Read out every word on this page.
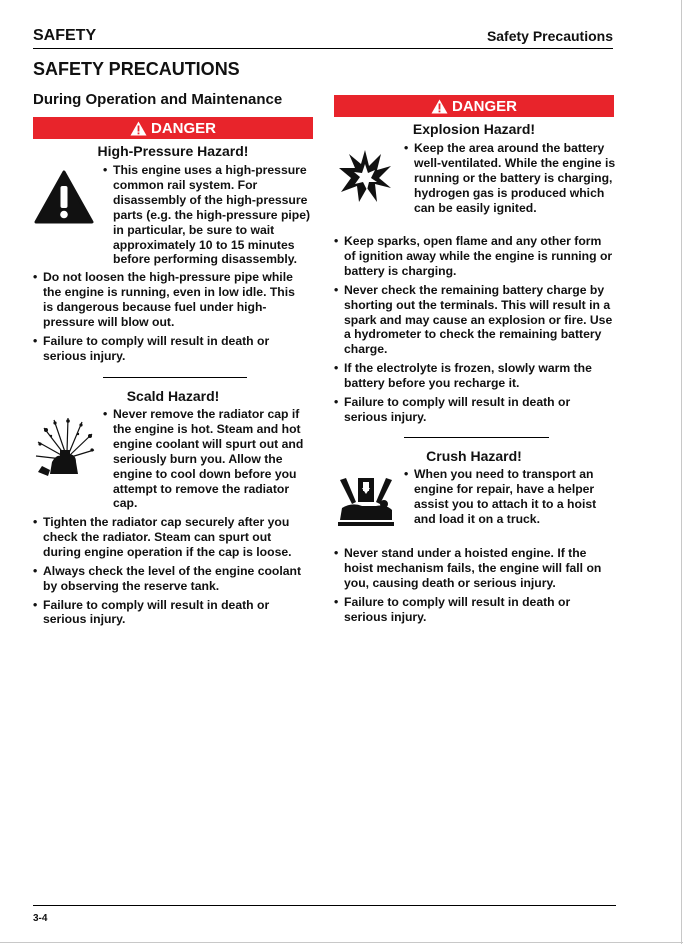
SAFETY	Safety Precautions
SAFETY PRECAUTIONS
During Operation and Maintenance
DANGER
High-Pressure Hazard!
• This engine uses a high-pressure common rail system. For disassembly of the high-pressure parts (e.g. the high-pressure pipe) in particular, be sure to wait approximately 10 to 15 minutes before performing disassembly.
• Do not loosen the high-pressure pipe while the engine is running, even in low idle. This is dangerous because fuel under high-pressure will blow out.
• Failure to comply will result in death or serious injury.
Scald Hazard!
• Never remove the radiator cap if the engine is hot. Steam and hot engine coolant will spurt out and seriously burn you. Allow the engine to cool down before you attempt to remove the radiator cap.
• Tighten the radiator cap securely after you check the radiator. Steam can spurt out during engine operation if the cap is loose.
• Always check the level of the engine coolant by observing the reserve tank.
• Failure to comply will result in death or serious injury.
DANGER
Explosion Hazard!
• Keep the area around the battery well-ventilated. While the engine is running or the battery is charging, hydrogen gas is produced which can be easily ignited.
• Keep sparks, open flame and any other form of ignition away while the engine is running or battery is charging.
• Never check the remaining battery charge by shorting out the terminals. This will result in a spark and may cause an explosion or fire. Use a hydrometer to check the remaining battery charge.
• If the electrolyte is frozen, slowly warm the battery before you recharge it.
• Failure to comply will result in death or serious injury.
Crush Hazard!
• When you need to transport an engine for repair, have a helper assist you to attach it to a hoist and load it on a truck.
• Never stand under a hoisted engine. If the hoist mechanism fails, the engine will fall on you, causing death or serious injury.
• Failure to comply will result in death or serious injury.
3-4
